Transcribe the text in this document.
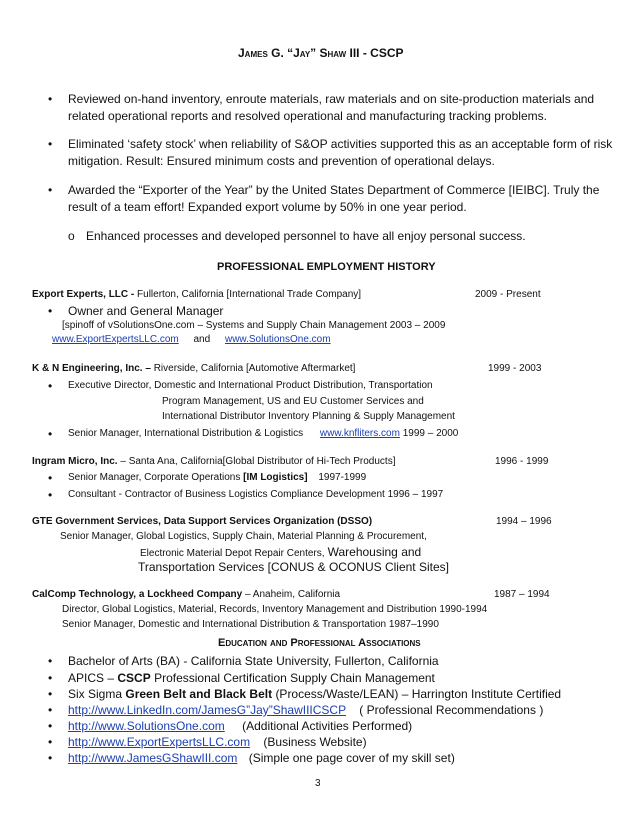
James G. “Jay” Shaw III - CSCP
• Reviewed on-hand inventory, enroute materials, raw materials and on site-production materials and
related operational reports and resolved operational and manufacturing tracking problems.
• Eliminated ‘safety stock’ when reliability of S&OP activities supported this as an acceptable form of risk
mitigation. Result: Ensured minimum costs and prevention of operational delays.
• Awarded the “Exporter of the Year” by the United States Department of Commerce [IEIBC]. Truly the
result of a team effort! Expanded export volume by 50% in one year period.
o Enhanced processes and developed personnel to have all enjoy personal success.
PROFESSIONAL EMPLOYMENT HISTORY
Export Experts, LLC - Fullerton, California [International Trade Company]	2009 - Present
• Owner and General Manager
[spinoff of vSolutionsOne.com – Systems and Supply Chain Management 2003 – 2009
www.ExportExpertsLLC.com and www.SolutionsOne.com
K & N Engineering, Inc. – Riverside, California [Automotive Aftermarket]	1999 - 2003
• Executive Director, Domestic and International Product Distribution, Transportation
Program Management, US and EU Customer Services and
International Distributor Inventory Planning & Supply Management
• Senior Manager, International Distribution & Logistics www.knfliters.com 1999 – 2000
Ingram Micro, Inc. – Santa Ana, California[Global Distributor of Hi-Tech Products]	1996 - 1999
• Senior Manager, Corporate Operations [IM Logistics] 1997-1999
• Consultant - Contractor of Business Logistics Compliance Development 1996 – 1997
GTE Government Services, Data Support Services Organization (DSSO)	1994 – 1996
Senior Manager, Global Logistics, Supply Chain, Material Planning & Procurement,
Electronic Material Depot Repair Centers, Warehousing and
Transportation Services [CONUS & OCONUS Client Sites]
CalComp Technology, a Lockheed Company – Anaheim, California	1987 – 1994
Director, Global Logistics, Material, Records, Inventory Management and Distribution 1990-1994
Senior Manager, Domestic and International Distribution & Transportation 1987–1990
Education and Professional Associations
• Bachelor of Arts (BA) - California State University, Fullerton, California
• APICS – CSCP Professional Certification Supply Chain Management
• Six Sigma Green Belt and Black Belt (Process/Waste/LEAN) – Harrington Institute Certified
• http://www.LinkedIn.com/JamesG”Jay”ShawIIICSCP ( Professional Recommendations )
• http://www.SolutionsOne.com (Additional Activities Performed)
• http://www.ExportExpertsLLC.com (Business Website)
• http://www.JamesGShawIII.com (Simple one page cover of my skill set)
3
